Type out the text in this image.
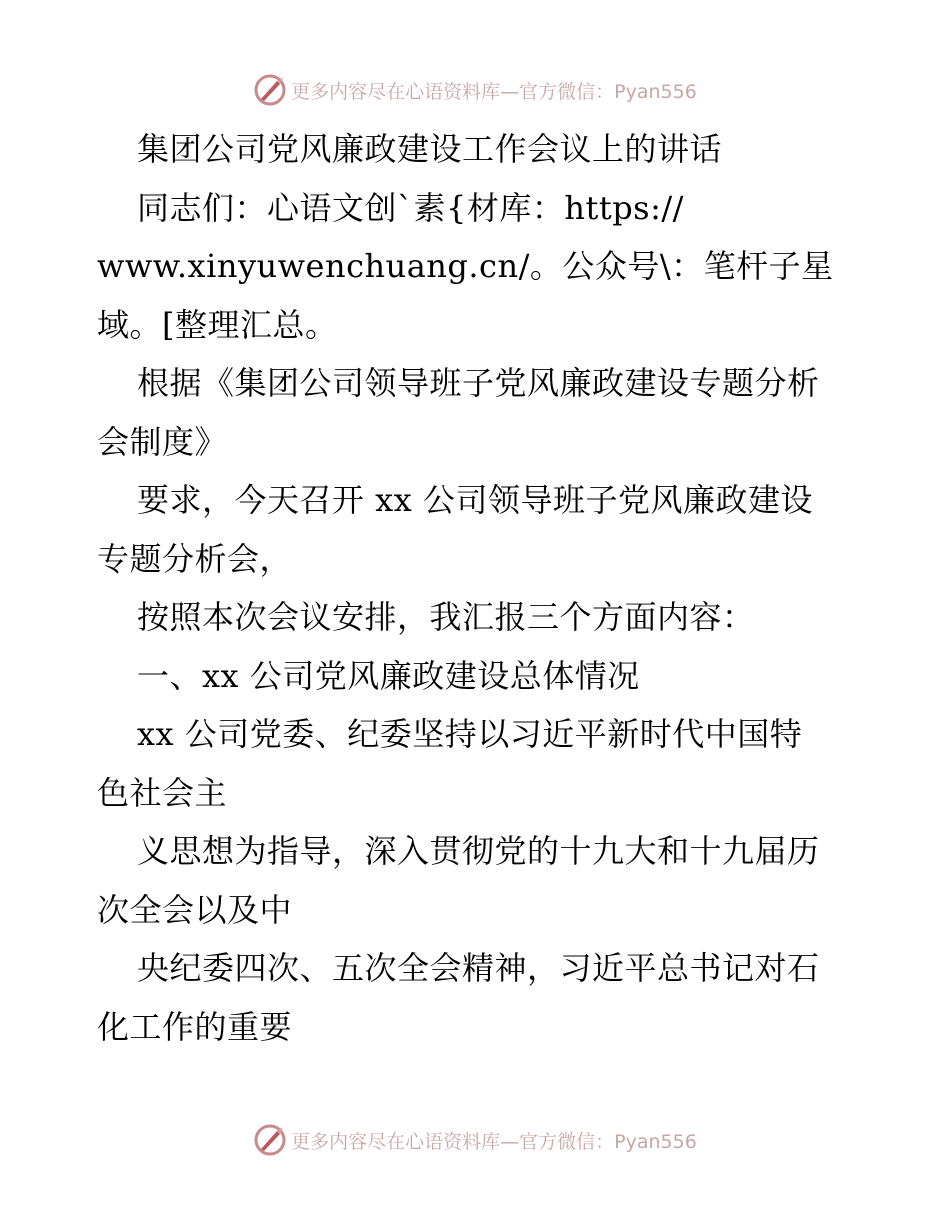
更多内容尽在心语资料库—官方微信：Pyan556
集团公司党风廉政建设工作会议上的讲话
同志们：心语文创`素{材库：https://
www.xinyuwenchuang.cn/。公众号\：笔杆子星
域。[整理汇总。
根据《集团公司领导班子党风廉政建设专题分析
会制度》
要求，今天召开 xx 公司领导班子党风廉政建设
专题分析会，
按照本次会议安排，我汇报三个方面内容：
一、xx 公司党风廉政建设总体情况
xx 公司党委、纪委坚持以习近平新时代中国特
色社会主
义思想为指导，深入贯彻党的十九大和十九届历
次全会以及中
央纪委四次、五次全会精神，习近平总书记对石
化工作的重要
更多内容尽在心语资料库—官方微信：Pyan556
